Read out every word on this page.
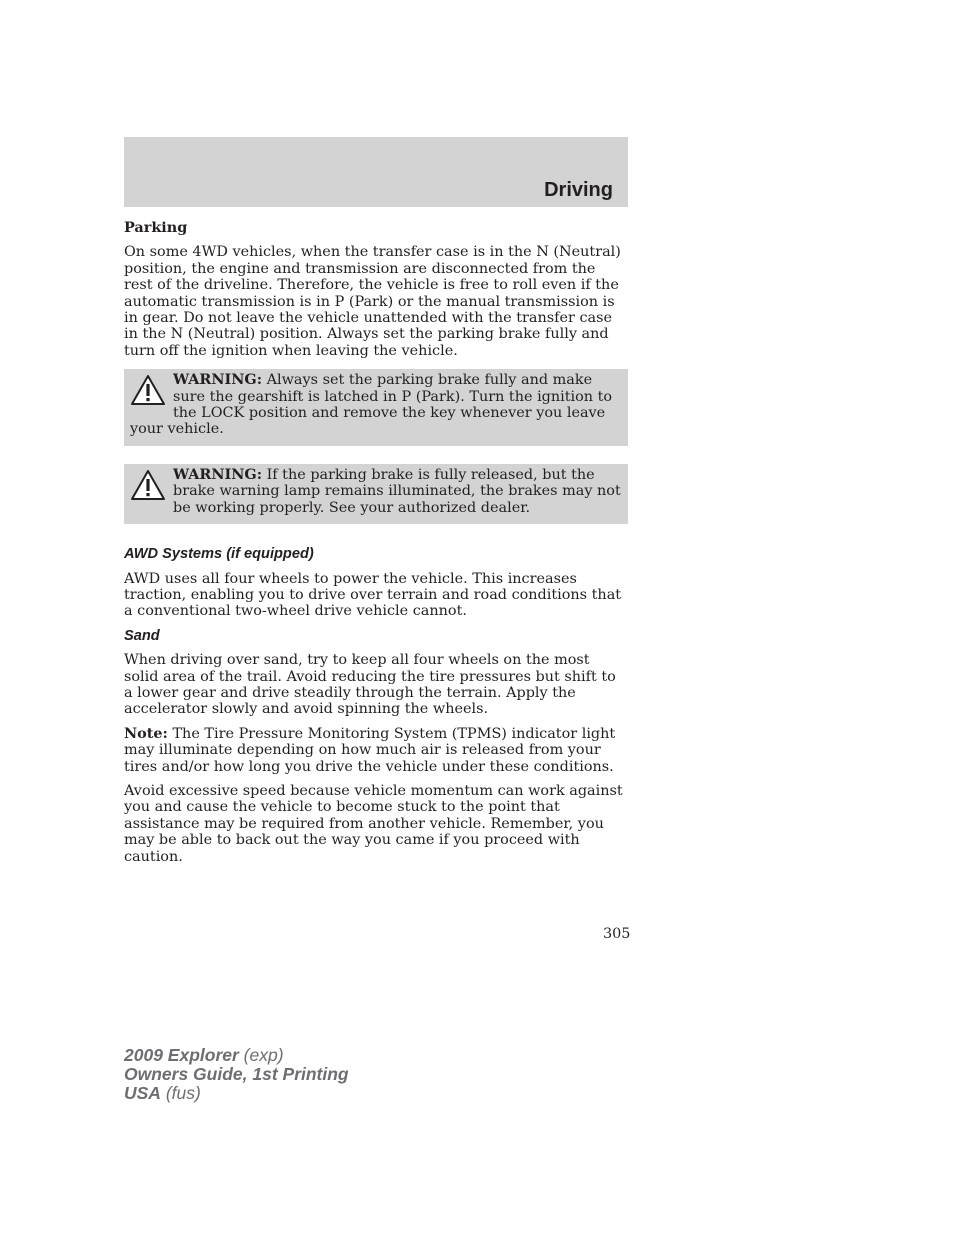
Driving
Parking

On some 4WD vehicles, when the transfer case is in the N (Neutral) position, the engine and transmission are disconnected from the rest of the driveline. Therefore, the vehicle is free to roll even if the automatic transmission is in P (Park) or the manual transmission is in gear. Do not leave the vehicle unattended with the transfer case in the N (Neutral) position. Always set the parking brake fully and turn off the ignition when leaving the vehicle.

WARNING: Always set the parking brake fully and make sure the gearshift is latched in P (Park). Turn the ignition to the LOCK position and remove the key whenever you leave your vehicle.
WARNING: If the parking brake is fully released, but the brake warning lamp remains illuminated, the brakes may not be working properly. See your authorized dealer.
AWD Systems (if equipped)

AWD uses all four wheels to power the vehicle. This increases traction, enabling you to drive over terrain and road conditions that a conventional two-wheel drive vehicle cannot.

Sand

When driving over sand, try to keep all four wheels on the most solid area of the trail. Avoid reducing the tire pressures but shift to a lower gear and drive steadily through the terrain. Apply the accelerator slowly and avoid spinning the wheels.

Note: The Tire Pressure Monitoring System (TPMS) indicator light may illuminate depending on how much air is released from your tires and/or how long you drive the vehicle under these conditions.

Avoid excessive speed because vehicle momentum can work against you and cause the vehicle to become stuck to the point that assistance may be required from another vehicle. Remember, you may be able to back out the way you came if you proceed with caution.

305
2009 Explorer (exp)
Owners Guide, 1st Printing
USA (fus)
